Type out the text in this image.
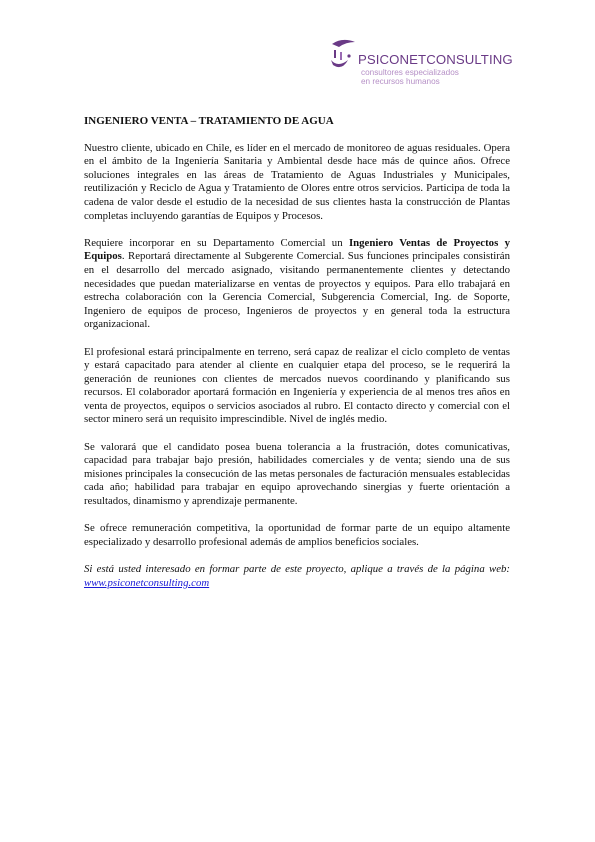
PSICONETCONSULTING
consultores especializados
en recursos humanos

INGENIERO VENTA – TRATAMIENTO DE AGUA

Nuestro cliente, ubicado en Chile, es líder en el mercado de monitoreo de aguas residuales. Opera en el ámbito de la Ingeniería Sanitaria y Ambiental desde hace más de quince años. Ofrece soluciones integrales en las áreas de Tratamiento de Aguas Industriales y Municipales, reutilización y Reciclo de Agua y Tratamiento de Olores entre otros servicios. Participa de toda la cadena de valor desde el estudio de la necesidad de sus clientes hasta la construcción de Plantas completas incluyendo garantías de Equipos y Procesos.

Requiere incorporar en su Departamento Comercial un Ingeniero Ventas de Proyectos y Equipos. Reportará directamente al Subgerente Comercial. Sus funciones principales consistirán en el desarrollo del mercado asignado, visitando permanentemente clientes y detectando necesidades que puedan materializarse en ventas de proyectos y equipos. Para ello trabajará en estrecha colaboración con la Gerencia Comercial, Subgerencia Comercial, Ing. de Soporte, Ingeniero de equipos de proceso, Ingenieros de proyectos y en general toda la estructura organizacional.

El profesional estará principalmente en terreno, será capaz de realizar el ciclo completo de ventas y estará capacitado para atender al cliente en cualquier etapa del proceso, se le requerirá la generación de reuniones con clientes de mercados nuevos coordinando y planificando sus recursos. El colaborador aportará formación en Ingeniería y experiencia de al menos tres años en venta de proyectos, equipos o servicios asociados al rubro. El contacto directo y comercial con el sector minero será un requisito imprescindible. Nivel de inglés medio.

Se valorará que el candidato posea buena tolerancia a la frustración, dotes comunicativas, capacidad para trabajar bajo presión, habilidades comerciales y de venta; siendo una de sus misiones principales la consecución de las metas personales de facturación mensuales establecidas cada año; habilidad para trabajar en equipo aprovechando sinergias y fuerte orientación a resultados, dinamismo y aprendizaje permanente.

Se ofrece remuneración competitiva, la oportunidad de formar parte de un equipo altamente especializado y desarrollo profesional además de amplios beneficios sociales.

Si está usted interesado en formar parte de este proyecto, aplique a través de la página web: www.psiconetconsulting.com
